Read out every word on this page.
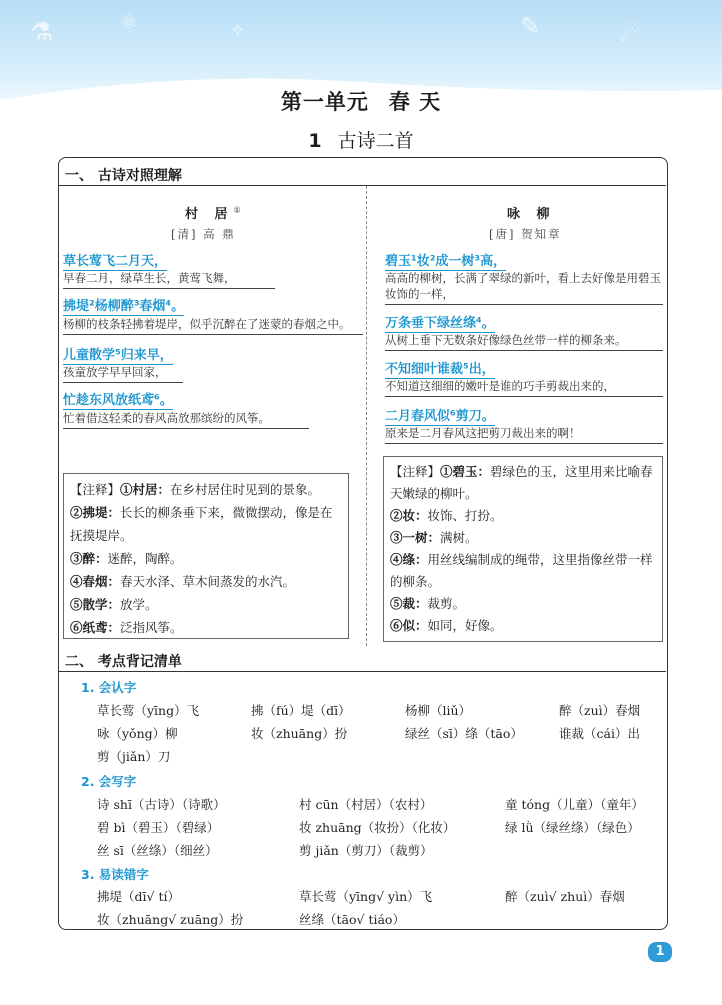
⚗	⚛	✧	✎	☄
第一单元 春 天
1 古诗二首
一、 古诗对照理解
村 居①
[清] 高 鼎
草长莺飞二月天，
早春二月，绿草生长，黄莺飞舞，
拂堤²杨柳醉³春烟⁴。
杨柳的枝条轻拂着堤岸，似乎沉醉在了迷蒙的春烟之中。
儿童散学⁵归来早，
孩童放学早早回家，
忙趁东风放纸鸢⁶。
忙着借这轻柔的春风高放那缤纷的风筝。
【注释】①村居：在乡村居住时见到的景象。
②拂堤：长长的柳条垂下来，微微摆动，像是在抚摸堤岸。
③醉：迷醉，陶醉。
④春烟：春天水泽、草木间蒸发的水汽。
⑤散学：放学。
⑥纸鸢：泛指风筝。
咏 柳
[唐] 贺知章
碧玉¹妆²成一树³高，
高高的柳树，长满了翠绿的新叶，看上去好像是用碧玉妆饰的一样，
万条垂下绿丝绦⁴。
从树上垂下无数条好像绿色丝带一样的柳条来。
不知细叶谁裁⁵出，
不知道这细细的嫩叶是谁的巧手剪裁出来的，
二月春风似⁶剪刀。
原来是二月春风这把剪刀裁出来的啊！
【注释】①碧玉：碧绿色的玉，这里用来比喻春天嫩绿的柳叶。
②妆：妆饰、打扮。
③一树：满树。
④绦：用丝线编制成的绳带，这里指像丝带一样的柳条。
⑤裁：裁剪。
⑥似：如同，好像。
二、 考点背记清单
1. 会认字
草长莺（yīng）飞	拂（fú）堤（dī）	杨柳（liǔ）	醉（zuì）春烟
咏（yǒng）柳	妆（zhuāng）扮	绿丝（sī）绦（tāo）	谁裁（cái）出
剪（jiǎn）刀
2. 会写字
诗 shī（古诗）（诗歌）	村 cūn（村居）（农村）	童 tóng（儿童）（童年）
碧 bì（碧玉）（碧绿）	妆 zhuāng（妆扮）（化妆）	绿 lǜ（绿丝绦）（绿色）
丝 sī（丝绦）（细丝）	剪 jiǎn（剪刀）（裁剪）
3. 易读错字
拂堤（dī√ tí）	草长莺（yīng√ yìn）飞	醉（zuì√ zhuì）春烟
妆（zhuāng√ zuāng）扮	丝绦（tāo√ tiáo）
1
